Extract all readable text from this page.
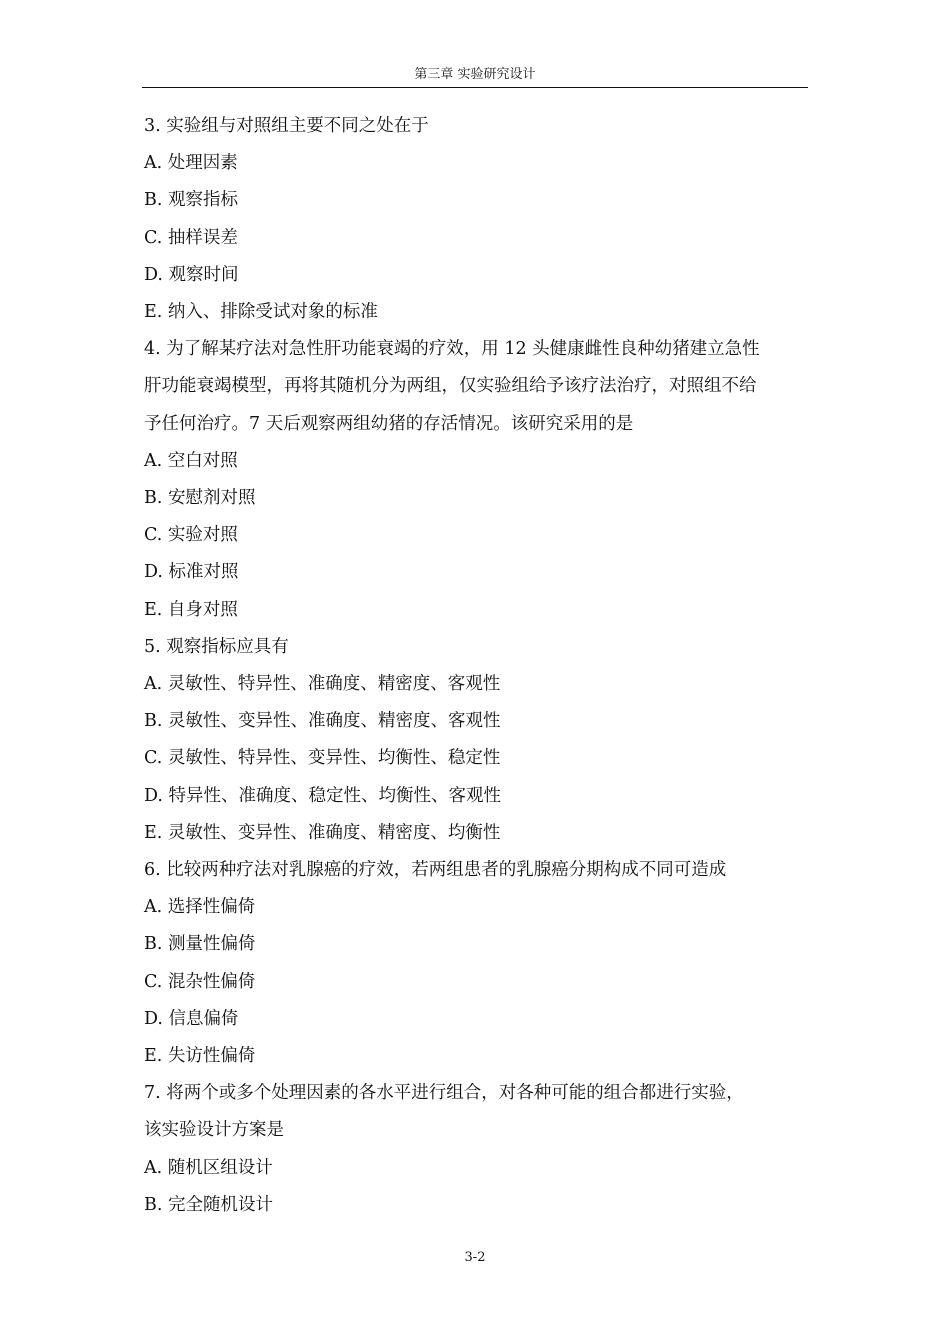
第三章 实验研究设计

3. 实验组与对照组主要不同之处在于

A. 处理因素

B. 观察指标

C. 抽样误差

D. 观察时间

E. 纳入、排除受试对象的标准

4. 为了解某疗法对急性肝功能衰竭的疗效，用 12 头健康雌性良种幼猪建立急性

肝功能衰竭模型，再将其随机分为两组，仅实验组给予该疗法治疗，对照组不给

予任何治疗。7 天后观察两组幼猪的存活情况。该研究采用的是

A. 空白对照

B. 安慰剂对照

C. 实验对照

D. 标准对照

E. 自身对照

5. 观察指标应具有

A. 灵敏性、特异性、准确度、精密度、客观性

B. 灵敏性、变异性、准确度、精密度、客观性

C. 灵敏性、特异性、变异性、均衡性、稳定性

D. 特异性、准确度、稳定性、均衡性、客观性

E. 灵敏性、变异性、准确度、精密度、均衡性

6. 比较两种疗法对乳腺癌的疗效，若两组患者的乳腺癌分期构成不同可造成

A. 选择性偏倚

B. 测量性偏倚

C. 混杂性偏倚

D. 信息偏倚

E. 失访性偏倚

7. 将两个或多个处理因素的各水平进行组合，对各种可能的组合都进行实验，

该实验设计方案是

A. 随机区组设计

B. 完全随机设计

3-2
